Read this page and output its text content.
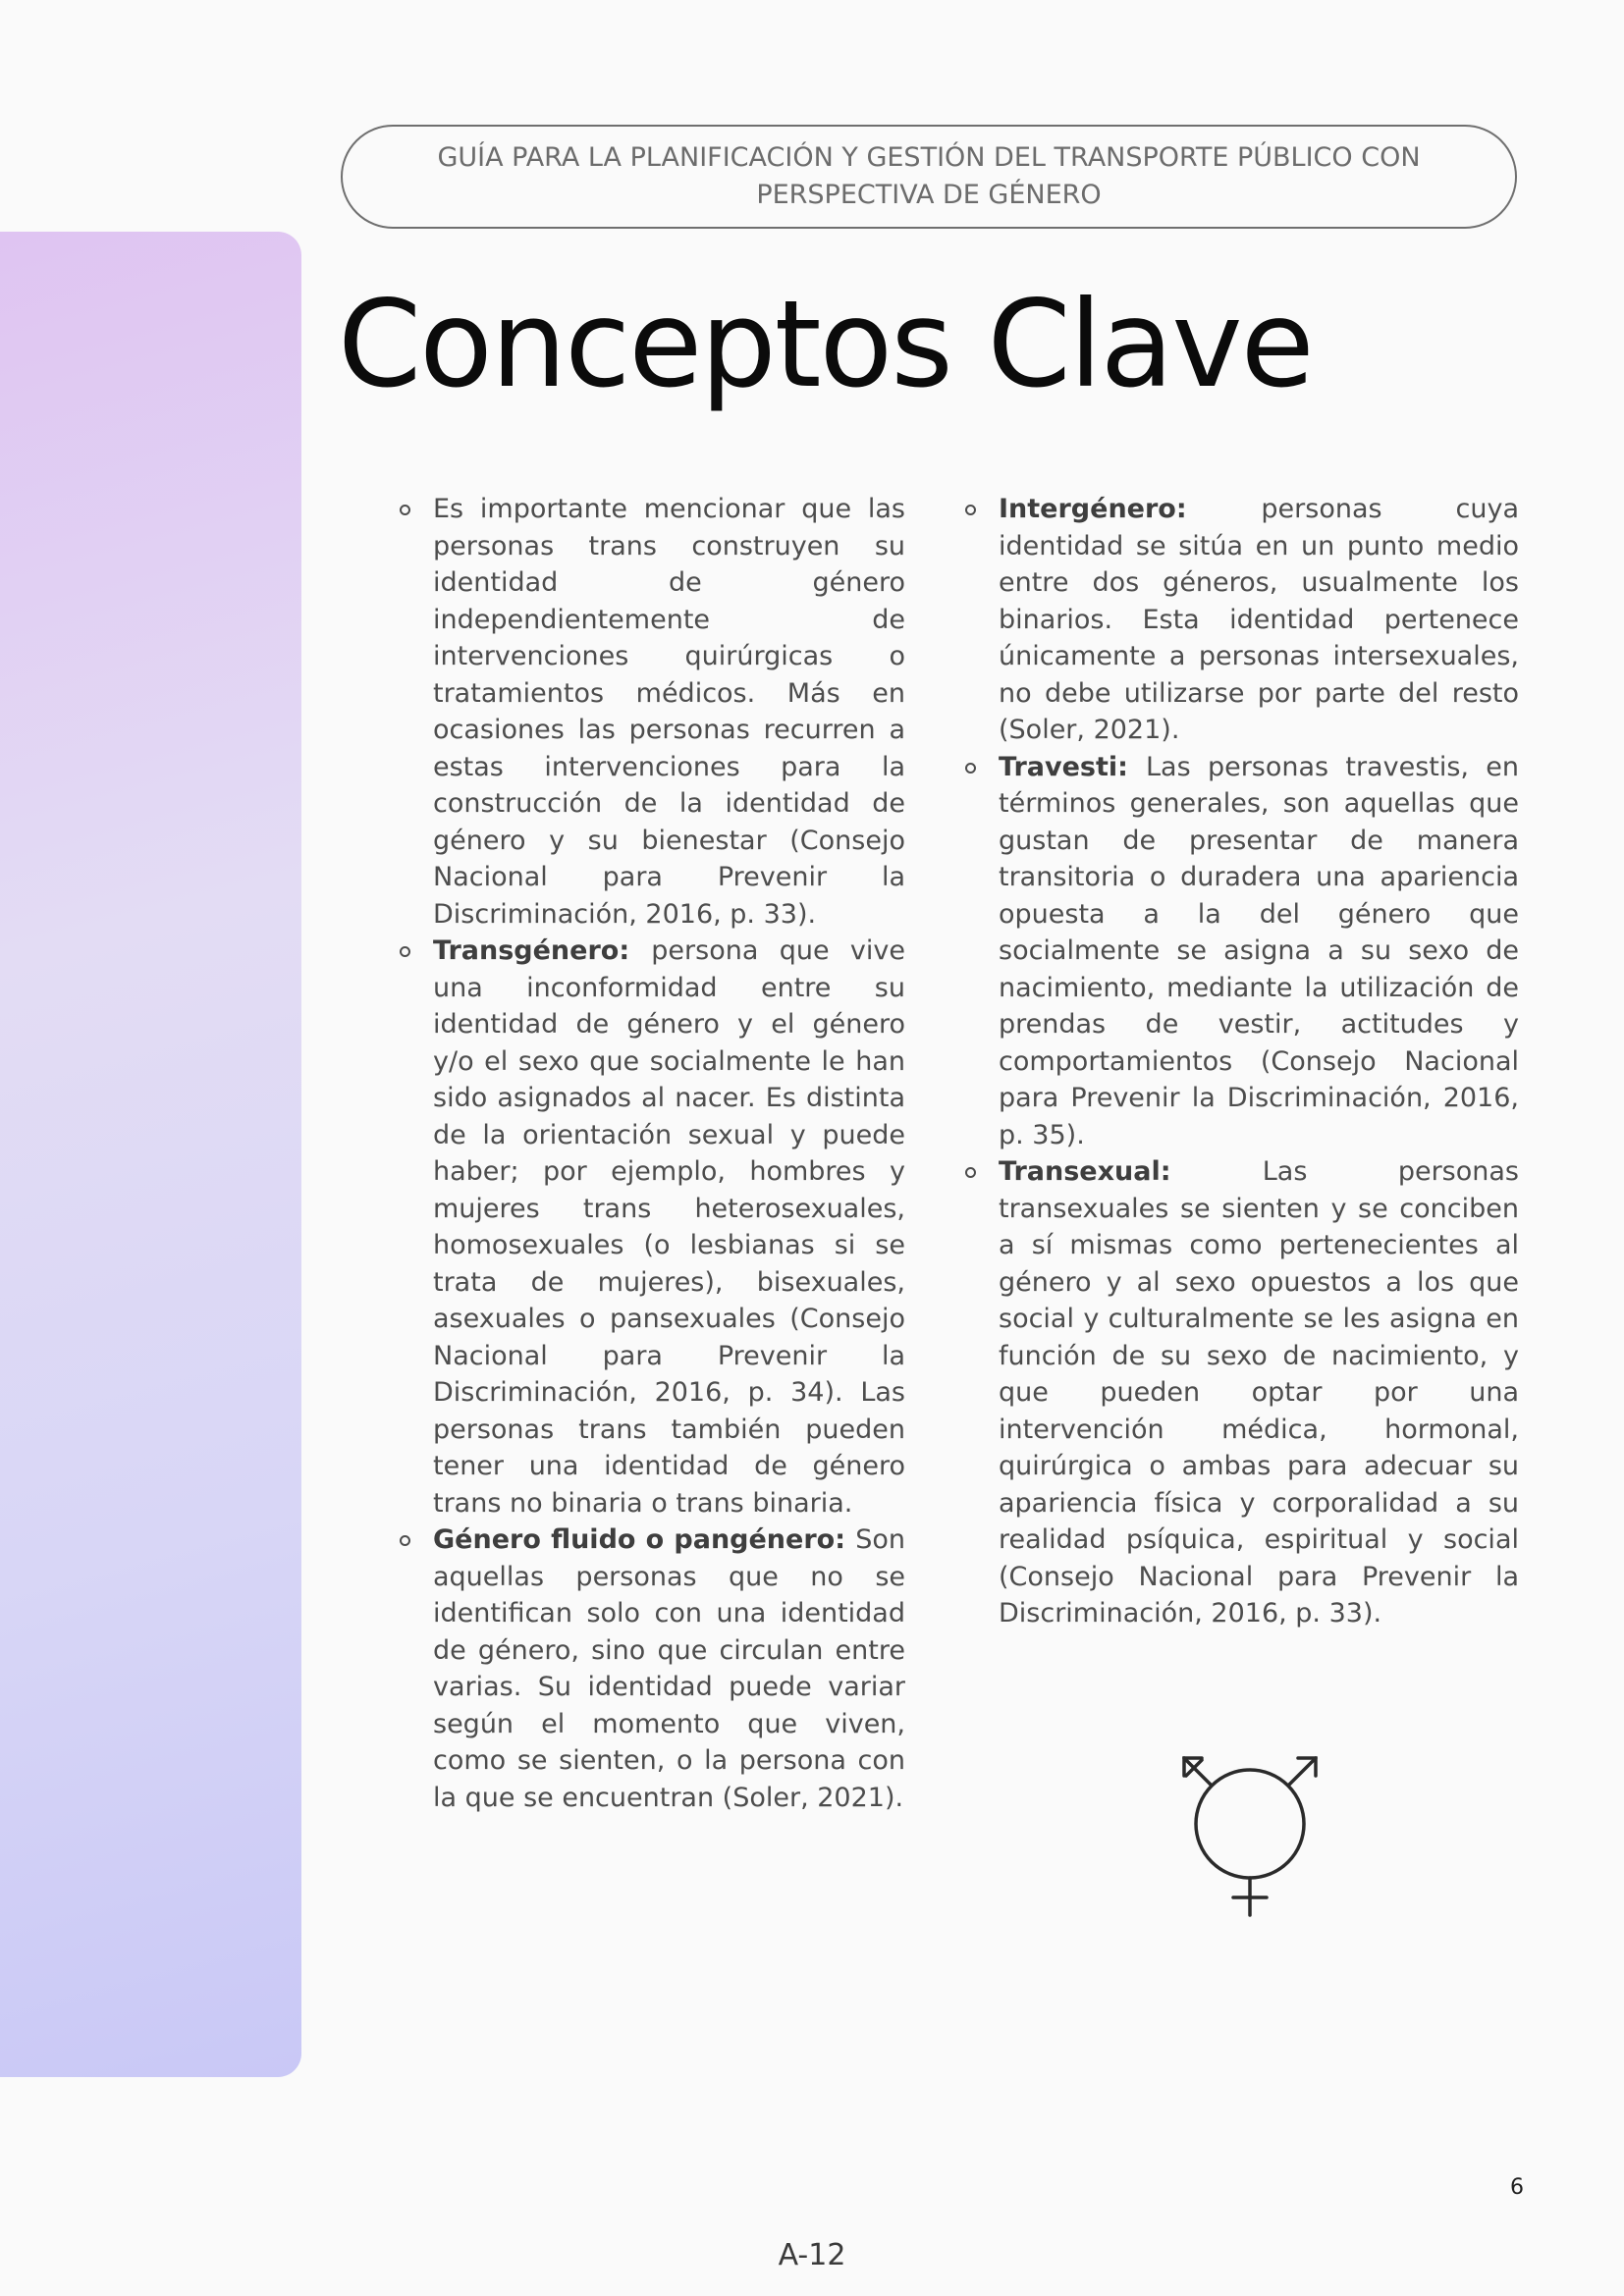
GUÍA PARA LA PLANIFICACIÓN Y GESTIÓN DEL TRANSPORTE PÚBLICO CON PERSPECTIVA DE GÉNERO
Conceptos Clave
Es importante mencionar que las personas trans construyen su identidad de género independientemente de intervenciones quirúrgicas o tratamientos médicos. Más en ocasiones las personas recurren a estas intervenciones para la construcción de la identidad de género y su bienestar (Consejo Nacional para Prevenir la Discriminación, 2016, p. 33).
Transgénero: persona que vive una inconformidad entre su identidad de género y el género y/o el sexo que socialmente le han sido asignados al nacer. Es distinta de la orientación sexual y puede haber; por ejemplo, hombres y mujeres trans heterosexuales, homosexuales (o lesbianas si se trata de mujeres), bisexuales, asexuales o pansexuales (Consejo Nacional para Prevenir la Discriminación, 2016, p. 34). Las personas trans también pueden tener una identidad de género trans no binaria o trans binaria.
Género fluido o pangénero: Son aquellas personas que no se identifican solo con una identidad de género, sino que circulan entre varias. Su identidad puede variar según el momento que viven, como se sienten, o la persona con la que se encuentran (Soler, 2021).
Intergénero: personas cuya identidad se sitúa en un punto medio entre dos géneros, usualmente los binarios. Esta identidad pertenece únicamente a personas intersexuales, no debe utilizarse por parte del resto (Soler, 2021).
Travesti: Las personas travestis, en términos generales, son aquellas que gustan de presentar de manera transitoria o duradera una apariencia opuesta a la del género que socialmente se asigna a su sexo de nacimiento, mediante la utilización de prendas de vestir, actitudes y comportamientos (Consejo Nacional para Prevenir la Discriminación, 2016, p. 35).
Transexual: Las personas transexuales se sienten y se conciben a sí mismas como pertenecientes al género y al sexo opuestos a los que social y culturalmente se les asigna en función de su sexo de nacimiento, y que pueden optar por una intervención médica, hormonal, quirúrgica o ambas para adecuar su apariencia física y corporalidad a su realidad psíquica, espiritual y social (Consejo Nacional para Prevenir la Discriminación, 2016, p. 33).
6
A-12
